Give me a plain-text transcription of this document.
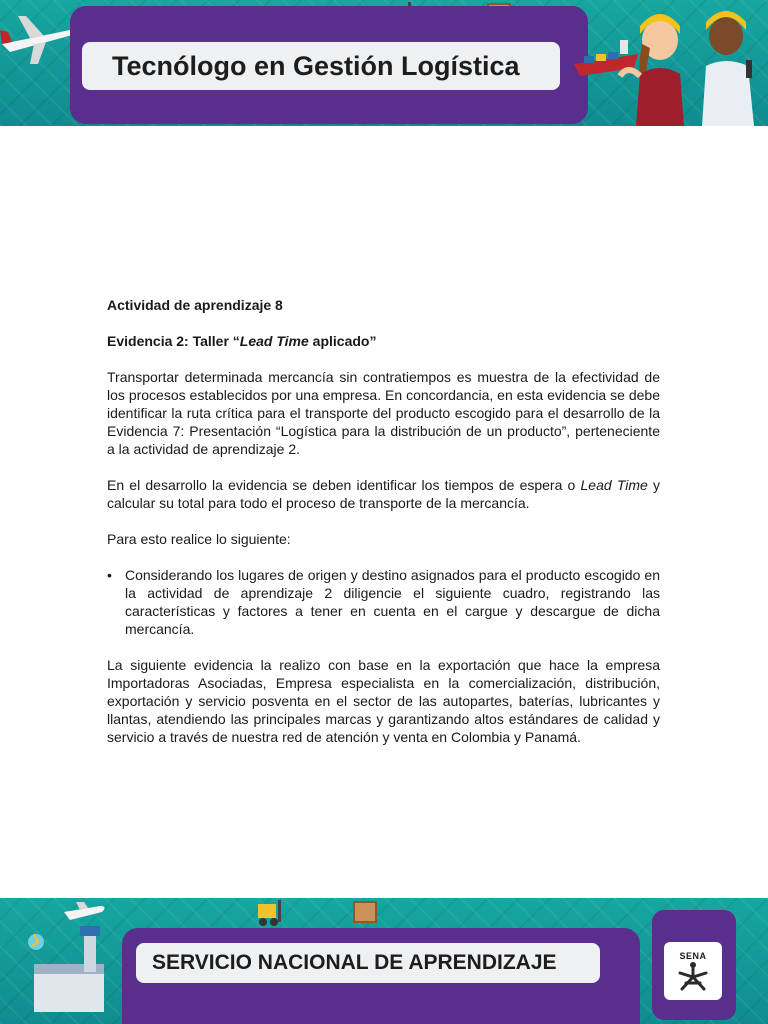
Tecnólogo en Gestión Logística

Actividad de aprendizaje 8

Evidencia 2: Taller “Lead Time aplicado”

Transportar determinada mercancía sin contratiempos es muestra de la efectividad de los procesos establecidos por una empresa. En concordancia, en esta evidencia se debe identificar la ruta crítica para el transporte del producto escogido para el desarrollo de la Evidencia 7: Presentación “Logística para la distribución de un producto”, perteneciente a la actividad de aprendizaje 2.

En el desarrollo la evidencia se deben identificar los tiempos de espera o Lead Time y calcular su total para todo el proceso de transporte de la mercancía.

Para esto realice lo siguiente:

• Considerando los lugares de origen y destino asignados para el producto escogido en la actividad de aprendizaje 2 diligencie el siguiente cuadro, registrando las características y factores a tener en cuenta en el cargue y descargue de dicha mercancía.

La siguiente evidencia la realizo con base en la exportación que hace la empresa Importadoras Asociadas, Empresa especialista en la comercialización, distribución, exportación y servicio posventa en el sector de las autopartes, baterías, lubricantes y llantas, atendiendo las principales marcas y garantizando altos estándares de calidad y servicio a través de nuestra red de atención y venta en Colombia y Panamá.

SERVICIO NACIONAL DE APRENDIZAJE	SENA
